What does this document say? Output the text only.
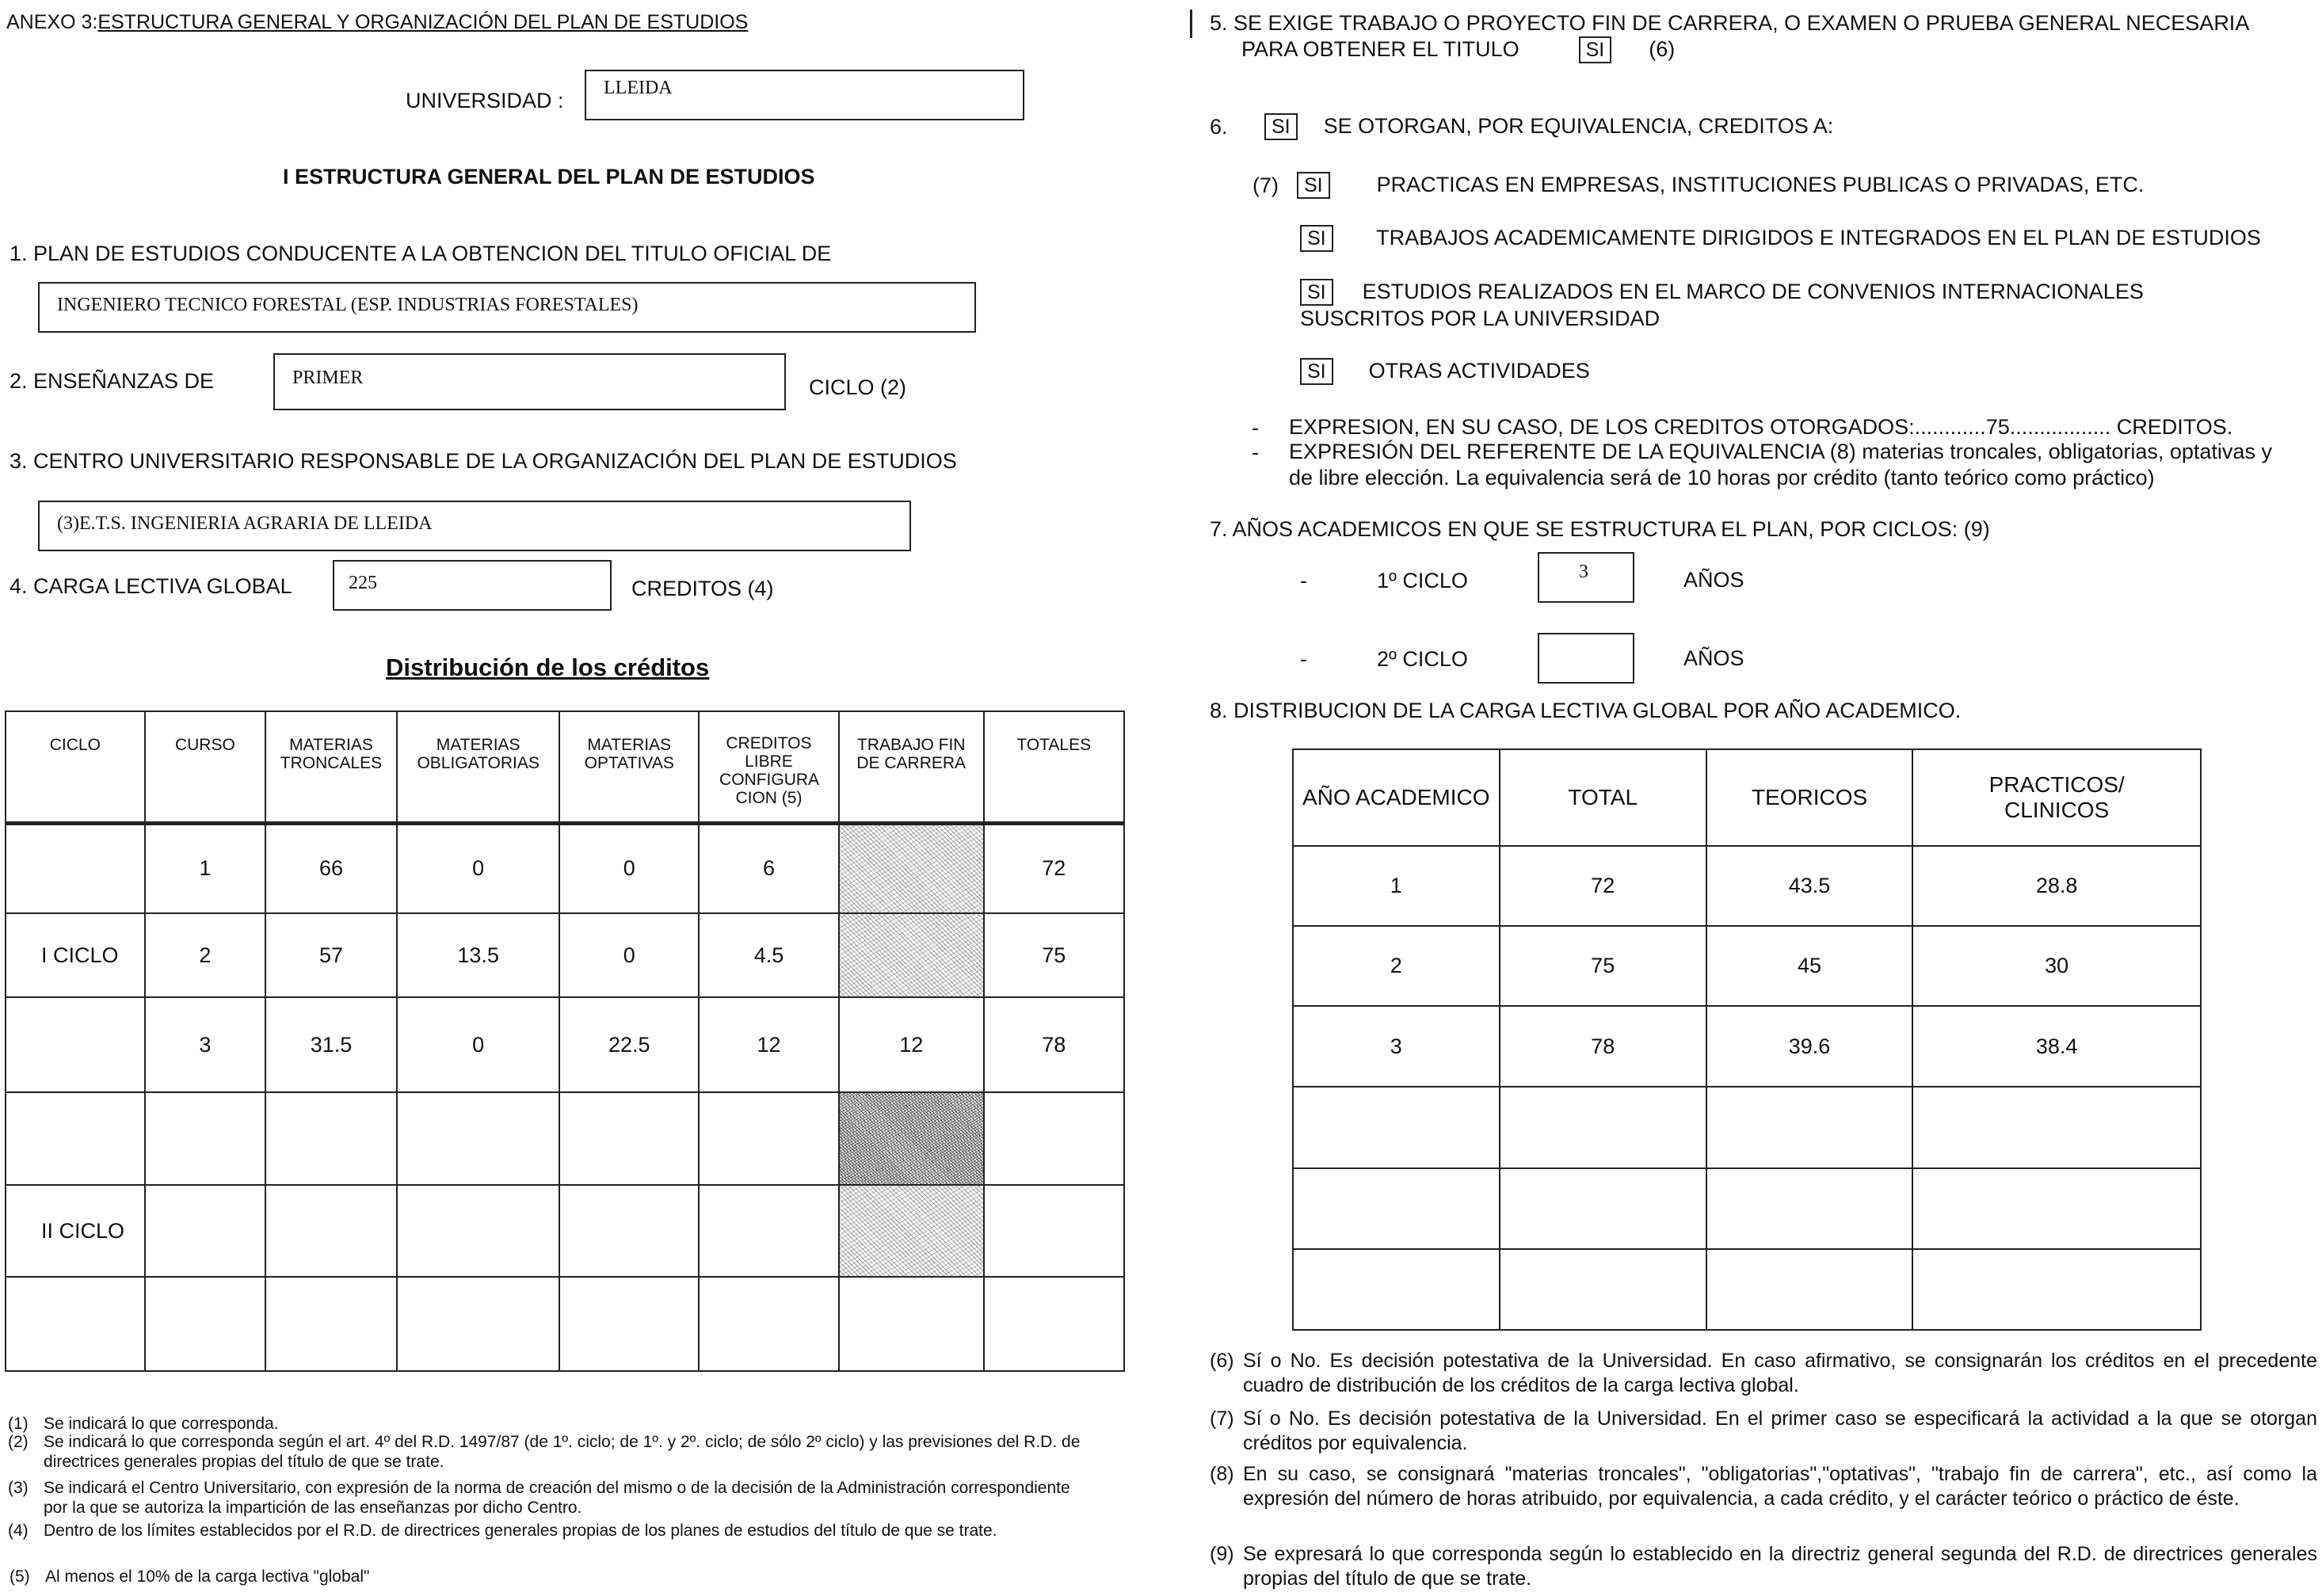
ANEXO 3:ESTRUCTURA GENERAL Y ORGANIZACIÓN DEL PLAN DE ESTUDIOS
UNIVERSIDAD :
LLEIDA
I ESTRUCTURA GENERAL DEL PLAN DE ESTUDIOS
1. PLAN DE ESTUDIOS CONDUCENTE A LA OBTENCION DEL TITULO OFICIAL DE
INGENIERO TECNICO FORESTAL (ESP. INDUSTRIAS FORESTALES)
2. ENSEÑANZAS DE	PRIMER	CICLO (2)
3. CENTRO UNIVERSITARIO RESPONSABLE DE LA ORGANIZACIÓN DEL PLAN DE ESTUDIOS
(3)E.T.S. INGENIERIA AGRARIA DE LLEIDA
4. CARGA LECTIVA GLOBAL	225	CREDITOS (4)
Distribución de los créditos
CICLO	CURSO	MATERIAS TRONCALES	MATERIAS OBLIGATORIAS	MATERIAS OPTATIVAS	CREDITOS LIBRE CONFIGURA CION (5)	TRABAJO FIN DE CARRERA	TOTALES
	1	66	0	0	6		72
I CICLO	2	57	13.5	0	4.5		75
	3	31.5	0	22.5	12	12	78

II CICLO							

(1) Se indicará lo que corresponda.
(2) Se indicará lo que corresponda según el art. 4º del R.D. 1497/87 (de 1º. ciclo; de 1º. y 2º. ciclo; de sólo 2º ciclo) y las previsiones del R.D. de directrices generales propias del título de que se trate.
(3) Se indicará el Centro Universitario, con expresión de la norma de creación del mismo o de la decisión de la Administración correspondiente por la que se autoriza la impartición de las enseñanzas por dicho Centro.
(4) Dentro de los límites establecidos por el R.D. de directrices generales propias de los planes de estudios del título de que se trate.
(5) Al menos el 10% de la carga lectiva "global"
5. SE EXIGE TRABAJO O PROYECTO FIN DE CARRERA, O EXAMEN O PRUEBA GENERAL NECESARIA
PARA OBTENER EL TITULO	SI (6)
6.	SI SE OTORGAN, POR EQUIVALENCIA, CREDITOS A:
(7)	SI	PRACTICAS EN EMPRESAS, INSTITUCIONES PUBLICAS O PRIVADAS, ETC.
SI TRABAJOS ACADEMICAMENTE DIRIGIDOS E INTEGRADOS EN EL PLAN DE ESTUDIOS
SI ESTUDIOS REALIZADOS EN EL MARCO DE CONVENIOS INTERNACIONALES
SUSCRITOS POR LA UNIVERSIDAD
SI OTRAS ACTIVIDADES
- EXPRESION, EN SU CASO, DE LOS CREDITOS OTORGADOS:............75................. CREDITOS.
- EXPRESIÓN DEL REFERENTE DE LA EQUIVALENCIA (8) materias troncales, obligatorias, optativas y
de libre elección. La equivalencia será de 10 horas por crédito (tanto teórico como práctico)
7. AÑOS ACADEMICOS EN QUE SE ESTRUCTURA EL PLAN, POR CICLOS: (9)
-	1º CICLO	3	AÑOS
-	2º CICLO	AÑOS
8. DISTRIBUCION DE LA CARGA LECTIVA GLOBAL POR AÑO ACADEMICO.
AÑO ACADEMICO	TOTAL	TEORICOS	PRACTICOS/ CLINICOS
1	72	43.5	28.8
2	75	45	30
3	78	39.6	38.4

(6) Sí o No. Es decisión potestativa de la Universidad. En caso afirmativo, se consignarán los créditos en el precedente cuadro de distribución de los créditos de la carga lectiva global.
(7) Sí o No. Es decisión potestativa de la Universidad. En el primer caso se especificará la actividad a la que se otorgan créditos por equivalencia.
(8) En su caso, se consignará "materias troncales", "obligatorias","optativas", "trabajo fin de carrera", etc., así como la expresión del número de horas atribuido, por equivalencia, a cada crédito, y el carácter teórico o práctico de éste.
(9) Se expresará lo que corresponda según lo establecido en la directriz general segunda del R.D. de directrices generales propias del título de que se trate.
